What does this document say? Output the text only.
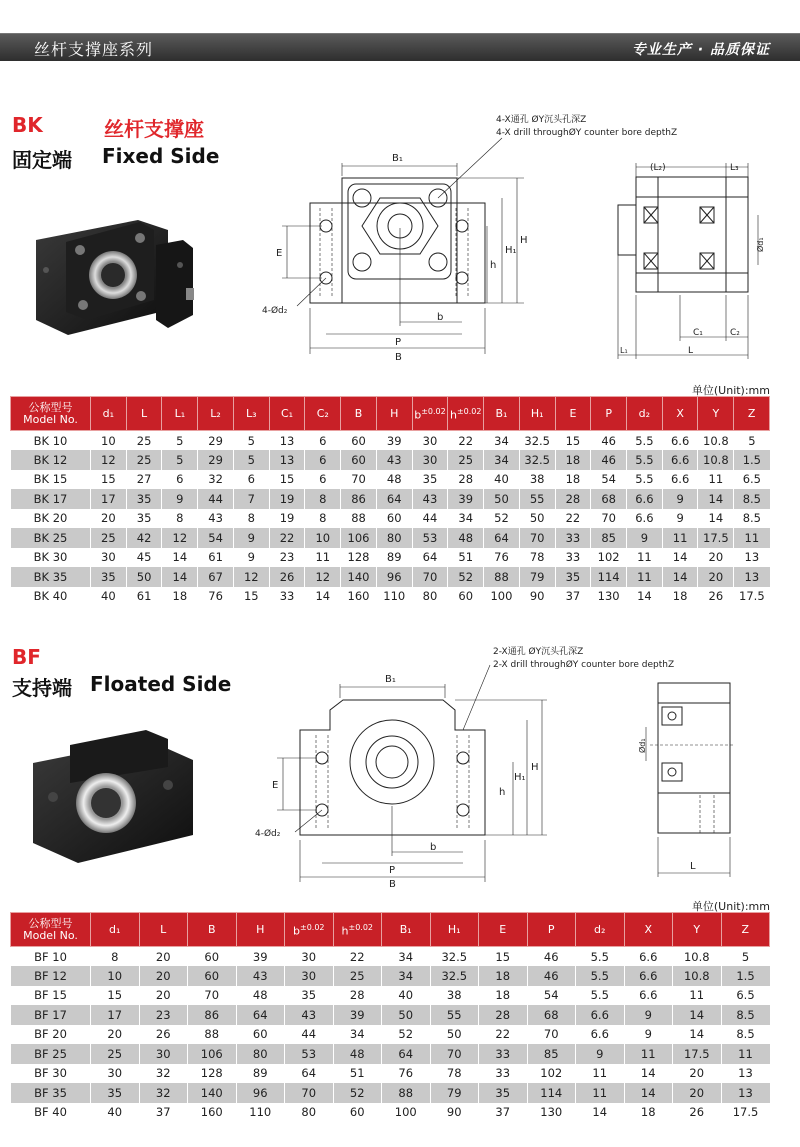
丝杆支撑座系列	专业生产 · 品质保证
BK	丝杆支撑座
固定端 Fixed Side	B₁
P
B
b
E
h
H₁
H
4-Ød₂
4-X通孔 ØY沉头孔深Z
4-X drill throughØY counter bore depthZ
(L₂)	L₃
C₁	C₂
L
L₁
Ød₁
单位(Unit):mm
公称型号
Model No.	d₁	L	L₁	L₂	L₃	C₁	C₂	B	H	$b^{\pm 0.02}$	$h^{\pm 0.02}$	B₁	H₁	E	P	d₂	X	Y	Z
BK 10	10	25	5	29	5	13	6	60	39	30	22	34	32.5	15	46	5.5	6.6	10.8	5
BK 12	12	25	5	29	5	13	6	60	43	30	25	34	32.5	18	46	5.5	6.6	10.8	1.5
BK 15	15	27	6	32	6	15	6	70	48	35	28	40	38	18	54	5.5	6.6	11	6.5
BK 17	17	35	9	44	7	19	8	86	64	43	39	50	55	28	68	6.6	9	14	8.5
BK 20	20	35	8	43	8	19	8	88	60	44	34	52	50	22	70	6.6	9	14	8.5
BK 25	25	42	12	54	9	22	10	106	80	53	48	64	70	33	85	9	11	17.5	11
BK 30	30	45	14	61	9	23	11	128	89	64	51	76	78	33	102	11	14	20	13
BK 35	35	50	14	67	12	26	12	140	96	70	52	88	79	35	114	11	14	20	13
BK 40	40	61	18	76	15	33	14	160	110	80	60	100	90	37	130	14	18	26	17.5
BF
支持端 Floated Side	B₁
P
B
b
E
h
H₁
H
4-Ød₂
2-X通孔 ØY沉头孔深Z
2-X drill throughØY counter bore depthZ
L
Ød₁
单位(Unit):mm
公称型号
Model No.	d₁	L	B	H	$b^{\pm 0.02}$	$h^{\pm 0.02}$	B₁	H₁	E	P	d₂	X	Y	Z
BF 10	8	20	60	39	30	22	34	32.5	15	46	5.5	6.6	10.8	5
BF 12	10	20	60	43	30	25	34	32.5	18	46	5.5	6.6	10.8	1.5
BF 15	15	20	70	48	35	28	40	38	18	54	5.5	6.6	11	6.5
BF 17	17	23	86	64	43	39	50	55	28	68	6.6	9	14	8.5
BF 20	20	26	88	60	44	34	52	50	22	70	6.6	9	14	8.5
BF 25	25	30	106	80	53	48	64	70	33	85	9	11	17.5	11
BF 30	30	32	128	89	64	51	76	78	33	102	11	14	20	13
BF 35	35	32	140	96	70	52	88	79	35	114	11	14	20	13
BF 40	40	37	160	110	80	60	100	90	37	130	14	18	26	17.5
